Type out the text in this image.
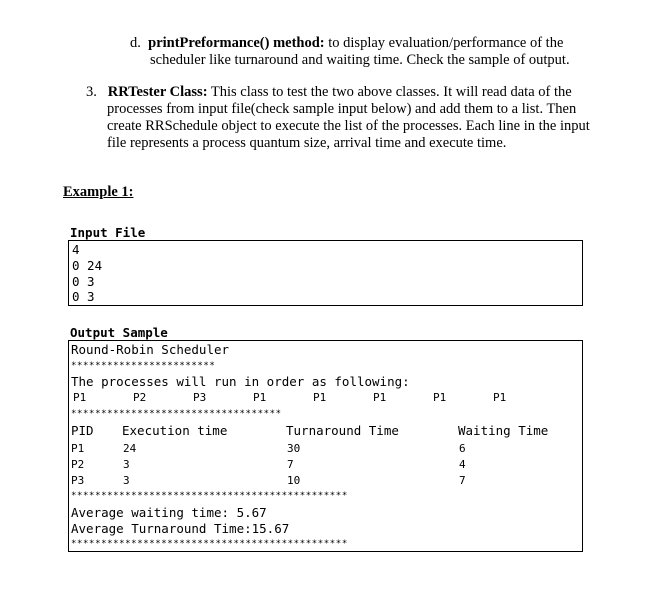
d. printPreformance() method: to display evaluation/performance of the
scheduler like turnaround and waiting time. Check the sample of output.
3. RRTester Class: This class to test the two above classes. It will read data of the
processes from input file(check sample input below) and add them to a list. Then
create RRSchedule object to execute the list of the processes. Each line in the input
file represents a process quantum size, arrival time and execute time.
Example 1:
Input File
4
0 24
0 3
0 3
Output Sample
Round-Robin Scheduler
************************
The processes will run in order as following:
P1	P2	P3	P1	P1	P1	P1	P1
***********************************
PID Execution time	Turnaround Time	Waiting Time
P1	24	30	6
P2	3	7	4
P3	3	10	7
**********************************************
Average waiting time: 5.67
Average Turnaround Time:15.67
**********************************************
